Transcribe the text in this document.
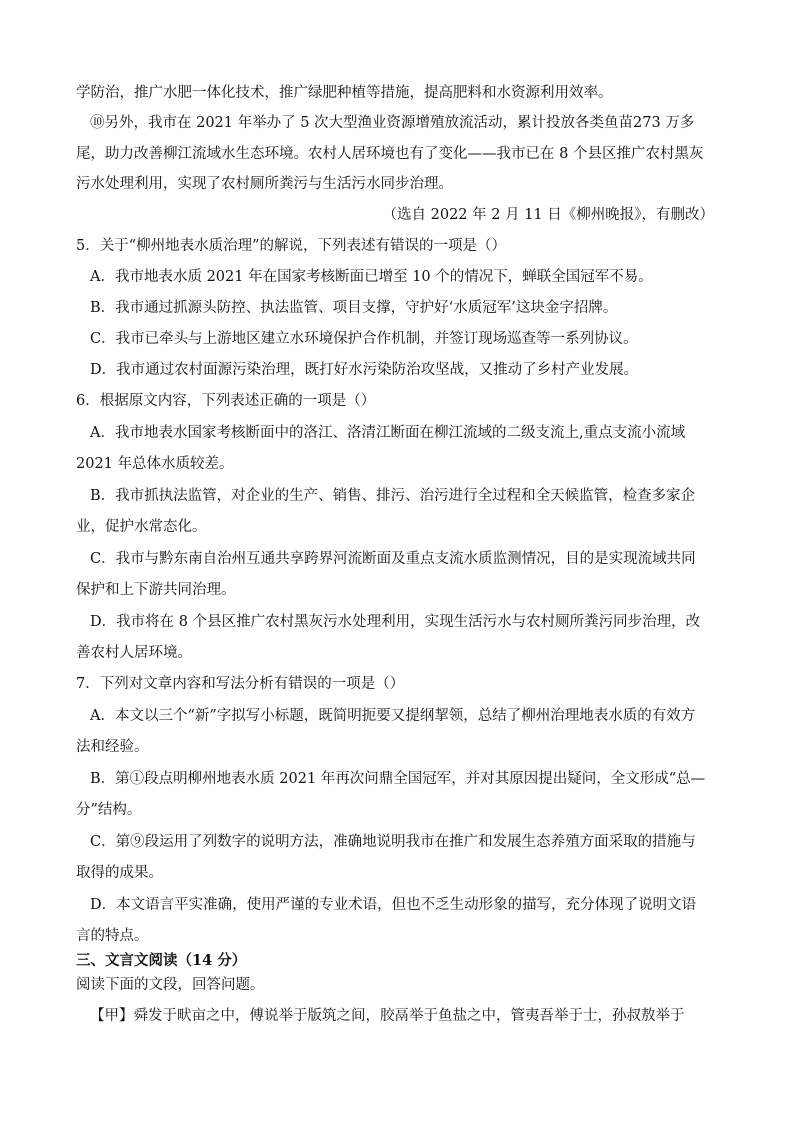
学防治，推广水肥一体化技术，推广绿肥种植等措施，提高肥料和水资源利用效率。
⑩另外，我市在 2021 年举办了 5 次大型渔业资源增殖放流活动，累计投放各类鱼苗273 万多
尾，助力改善柳江流域水生态环境。农村人居环境也有了变化——我市已在 8 个县区推广农村黑灰
污水处理利用，实现了农村厕所粪污与生活污水同步治理。
（选自 2022 年 2 月 11 日《柳州晚报》，有删改）
5．关于“柳州地表水质治理”的解说，下列表述有错误的一项是（）
A．我市地表水质 2021 年在国家考核断面已增至 10 个的情况下，蝉联全国冠军不易。
B．我市通过抓源头防控、执法监管、项目支撑，守护好‘水质冠军’这块金字招牌。
C．我市已牵头与上游地区建立水环境保护合作机制，并签订现场巡查等一系列协议。
D．我市通过农村面源污染治理，既打好水污染防治攻坚战，又推动了乡村产业发展。
6．根据原文内容，下列表述正确的一项是（）
A．我市地表水国家考核断面中的洛江、洛清江断面在柳江流域的二级支流上,重点支流小流域
2021 年总体水质较差。
B．我市抓执法监管，对企业的生产、销售、排污、治污进行全过程和全天候监管，检查多家企
业，促护水常态化。
C．我市与黔东南自治州互通共享跨界河流断面及重点支流水质监测情况，目的是实现流域共同
保护和上下游共同治理。
D．我市将在 8 个县区推广农村黑灰污水处理利用，实现生活污水与农村厕所粪污同步治理，改
善农村人居环境。
7．下列对文章内容和写法分析有错误的一项是（）
A．本文以三个“新”字拟写小标题，既简明扼要又提纲挈领，总结了柳州治理地表水质的有效方
法和经验。
B．第①段点明柳州地表水质 2021 年再次问鼎全国冠军，并对其原因提出疑问，全文形成“总—
分”结构。
C．第⑨段运用了列数字的说明方法，准确地说明我市在推广和发展生态养殖方面采取的措施与
取得的成果。
D．本文语言平实准确，使用严谨的专业术语，但也不乏生动形象的描写，充分体现了说明文语
言的特点。
三、文言文阅读（14 分）
阅读下面的文段，回答问题。
【甲】舜发于畎亩之中，傅说举于版筑之间，胶鬲举于鱼盐之中，管夷吾举于士，孙叔敖举于
